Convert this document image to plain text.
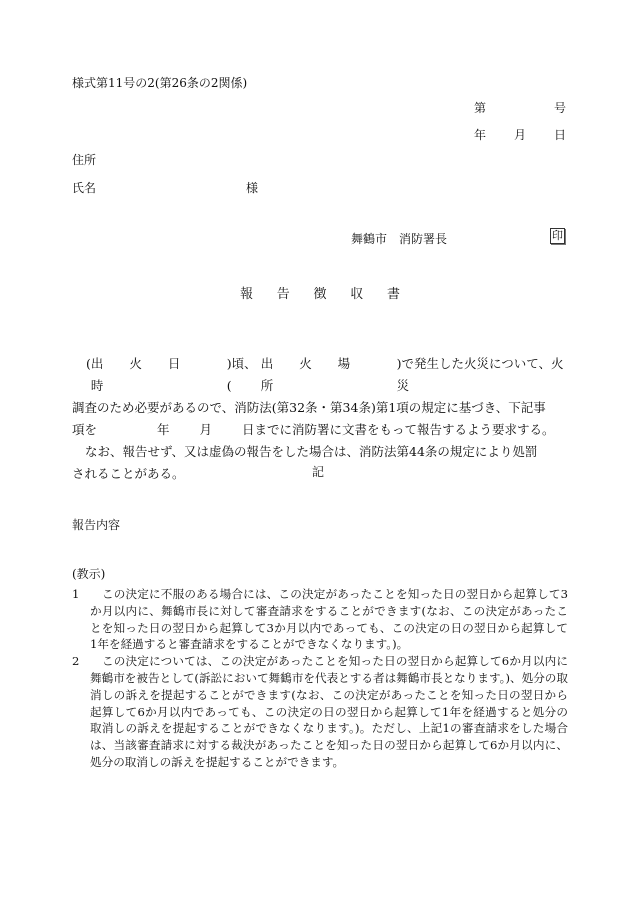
様式第11号の2(第26条の2関係)
第	号
年 月 日
住所
氏名	様
舞鶴市　消防署長	印
報 告 徴 収 書

( 出 火 日 時
)頃、(
出 火 場 所
)で発生した火災について、火災

調査のため必要があるので、消防法(第32条・第34条)第1項の規定に基づき、下記事

項を	年 月 日までに消防署に文書をもって報告するよう要求する。

なお、報告せず、又は虚偽の報告をした場合は、消防法第44条の規定により処罰

されることがある。	記
報告内容
(教示)
1	この決定に不服のある場合には、この決定があったことを知った日の翌日から起算して3か月以内に、舞鶴市長に対して審査請求をすることができます(なお、この決定があったことを知った日の翌日から起算して3か月以内であっても、この決定の日の翌日から起算して1年を経過すると審査請求をすることができなくなります。)。
2	この決定については、この決定があったことを知った日の翌日から起算して6か月以内に舞鶴市を被告として(訴訟において舞鶴市を代表とする者は舞鶴市長となります。)、処分の取消しの訴えを提起することができます(なお、この決定があったことを知った日の翌日から起算して6か月以内であっても、この決定の日の翌日から起算して1年を経過すると処分の取消しの訴えを提起することができなくなります。)。ただし、上記1の審査請求をした場合は、当該審査請求に対する裁決があったことを知った日の翌日から起算して6か月以内に、処分の取消しの訴えを提起することができます。
